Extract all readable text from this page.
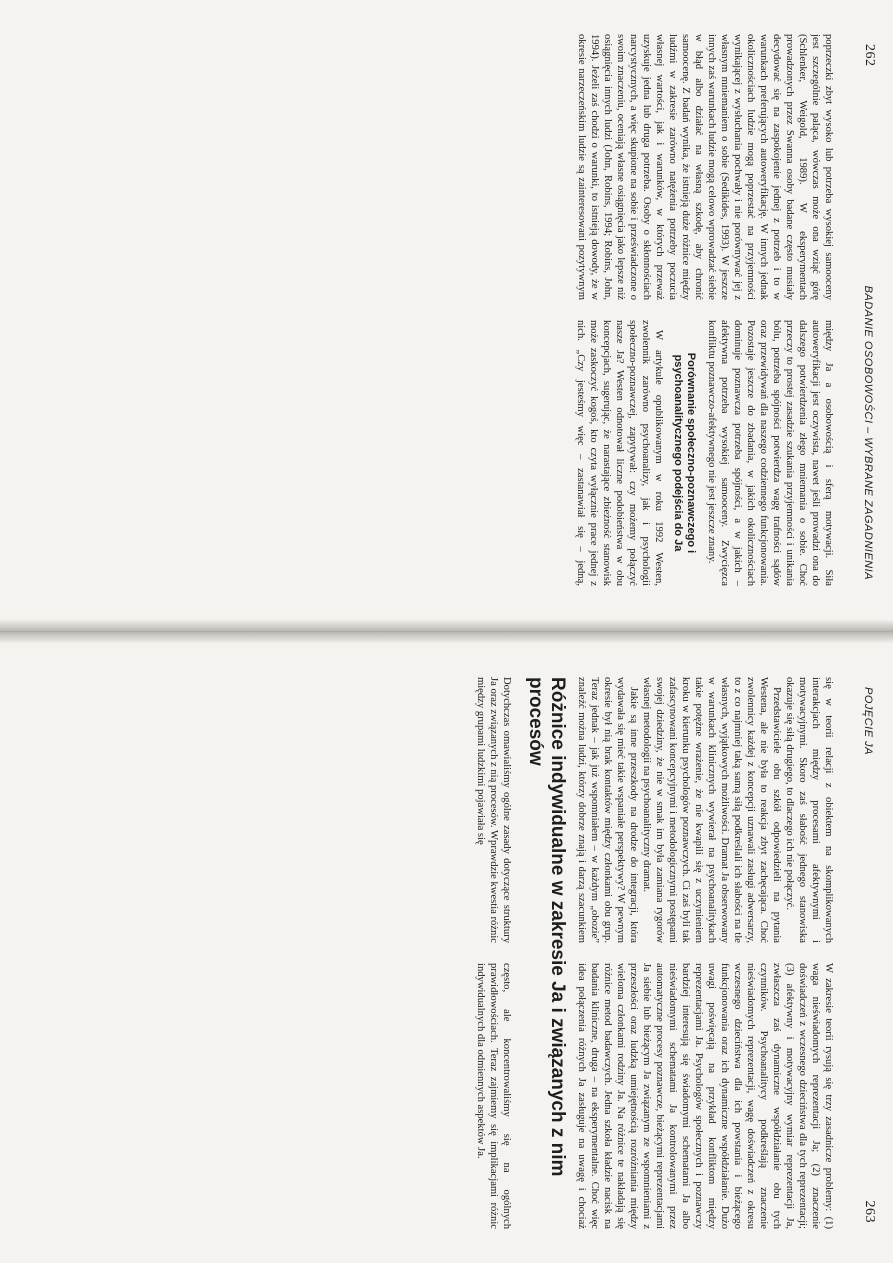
262
BADANIE OSOBOWOŚCI – WYBRANE ZAGADNIENIA

poprzeczki zbyt wysoko lub potrzeba wysokiej samooceny jest szczególnie paląca, wówczas może ona wziąć górę (Schlenker, Weigold, 1989). W eksperymentach prowadzonych przez Swanna osoby badane często musiały decydować się na zaspokojenie jednej z potrzeb i to w warunkach preferujących autoweryfikację. W innych jednak okolicznościach ludzie mogą poprzestać na przyjemności wynikającej z wysłuchania pochwały i nie porównywać jej z własnym mniemaniem o sobie (Sedikides, 1993). W jeszcze innych zaś warunkach ludzie mogą celowo wprowadzać siebie w błąd albo działać na własną szkodę, aby chronić samoocenę. Z badań wynika, że istnieją duże różnice między ludźmi w zakresie zarówno natężenia potrzeby poczucia własnej wartości, jak i warunków, w których przeważ uzyskuje jedna lub druga potrzeba. Osoby o skłonnościach narcystycznych, a więc skupione na sobie i przeświadczone o swoim znaczeniu, oceniają własne osiągnięcia jako lepsze niż osiągnięcia innych ludzi (John, Robins, 1994; Robins, John, 1994). Jeżeli zaś chodzi o warunki, to istnieją dowody, że w okresie narzeczeńskim ludzie są zainteresowani pozytywnym

między Ja a osobowością i sferą motywacji. Siła autoweryfikacji jest oczywista, nawet jeśli prowadzi ona do dalszego potwierdzenia złego mniemania o sobie. Choć przeczy to prostej zasadzie szukania przyjemności i unikania bólu, potrzeba spójności potwierdza wagę trafności sądów oraz przewidywań dla naszego codziennego funkcjonowania. Pozostaje jeszcze do zbadania, w jakich okolicznościach dominuje poznawcza potrzeba spójności, a w jakich – afektywna potrzeba wysokiej samooceny. Zwycięzca konfliktu poznawczo-afektywnego nie jest jeszcze znany.

Porównanie społeczno-poznawczego i psychoanalitycznego podejścia do Ja

W artykule opublikowanym w roku 1992 Westen, zwolennik zarówno psychoanalizy, jak i psychologii społeczno-poznawczej, zapytywał: czy możemy połączyć nasze Ja? Westen odnotował liczne podobieństwa w obu koncepcjach, sugerując, że narastające zbieżność stanowisk może zaskoczyć kogoś, kto czyta wyłącznie prace jednej z nich. „Czy jesteśmy więc – zastanawiał się – jedną,

POJĘCIE JA
263

się w teorii relacji z obiektem na skomplikowanych interakcjach między procesami afektywnymi i motywacyjnymi. Skoro zaś słabość jednego stanowiska okazuje się siłą drugiego, to dlaczego ich nie połączyć.

Przedstawiciele obu szkół odpowiedzieli na pytania Westena, ale nie była to reakcja zbyt zachęcająca. Choć zwolennicy każdej z koncepcji uznawali zasługi adwersarzy, to z co najmniej taką samą siłą podkreślali ich słabości na tle własnych, wyjątkowych możliwości. Dramat Ja obserwowany w warunkach klinicznych wywierał na psychoanalitykach takie potężne wrażenie, że nie kwapili się z uczynieniem kroku w kierunku psychologów poznawczych. Ci zaś byli tak zafascynowani koncepcyjnymi i metodologicznymi postępami swojej dziedziny, że nie w smak im była zamiana rygorów własnej metodologii na psychoanalityczny dramat.

Jakie są inne przeszkody na drodze do integracji, która wydawała się mieć takie wspaniałe perspektywy? W pewnym okresie był nią brak kontaktów między członkami obu grup. Teraz jednak – jak już wspomniałem – w każdym „obozie” znaleźć można ludzi, którzy dobrze znają i darzą szacunkiem

W zakresie teorii rysują się trzy zasadnicze problemy: (1) waga nieświadomych reprezentacji Ja; (2) znaczenie doświadczeń z wczesnego dzieciństwa dla tych reprezentacji; (3) afektywny i motywacyjny wymiar reprezentacji Ja, zwłaszcza zaś dynamiczne współdziałanie obu tych czynników. Psychoanalitycy podkreślają znaczenie nieświadomych reprezentacji, wagę doświadczeń z okresu wczesnego dzieciństwa dla ich powstania i bieżącego funkcjonowania oraz ich dynamiczne współdziałanie. Dużo uwagi poświęcają na przykład konfliktom między reprezentacjami Ja. Psychologów społecznych i poznawczy bardziej interesują się świadomymi schematami Ja albo nieświadomymi schematami Ja kontrolowanymi przez automatyczne procesy poznawcze, bieżącymi reprezentacjami Ja siebie lub bieżącym Ja związanym ze wspomnieniami z przeszłości oraz ludzką umiejętnością rozróżniania między wieloma członkami rodziny Ja. Na różnice te nakładają się różnice metod badawczych. Jedna szkoła kładzie nacisk na badania kliniczne, druga – na eksperymentalne. Choć więc idea połączenia różnych Ja zasługuje na uwagę i chociaż

Różnice indywidualne w zakresie Ja i związanych z nim procesów

Dotychczas omawialiśmy ogólne zasady dotyczące struktury Ja oraz związanych z nią procesów. Wprawdzie kwestia różnic między grupami ludzkimi pojawiała się

często, ale koncentrowaliśmy się na ogólnych prawidłowościach. Teraz zajmiemy się implikacjami różnic indywidualnych dla odmiennych aspektów Ja.
